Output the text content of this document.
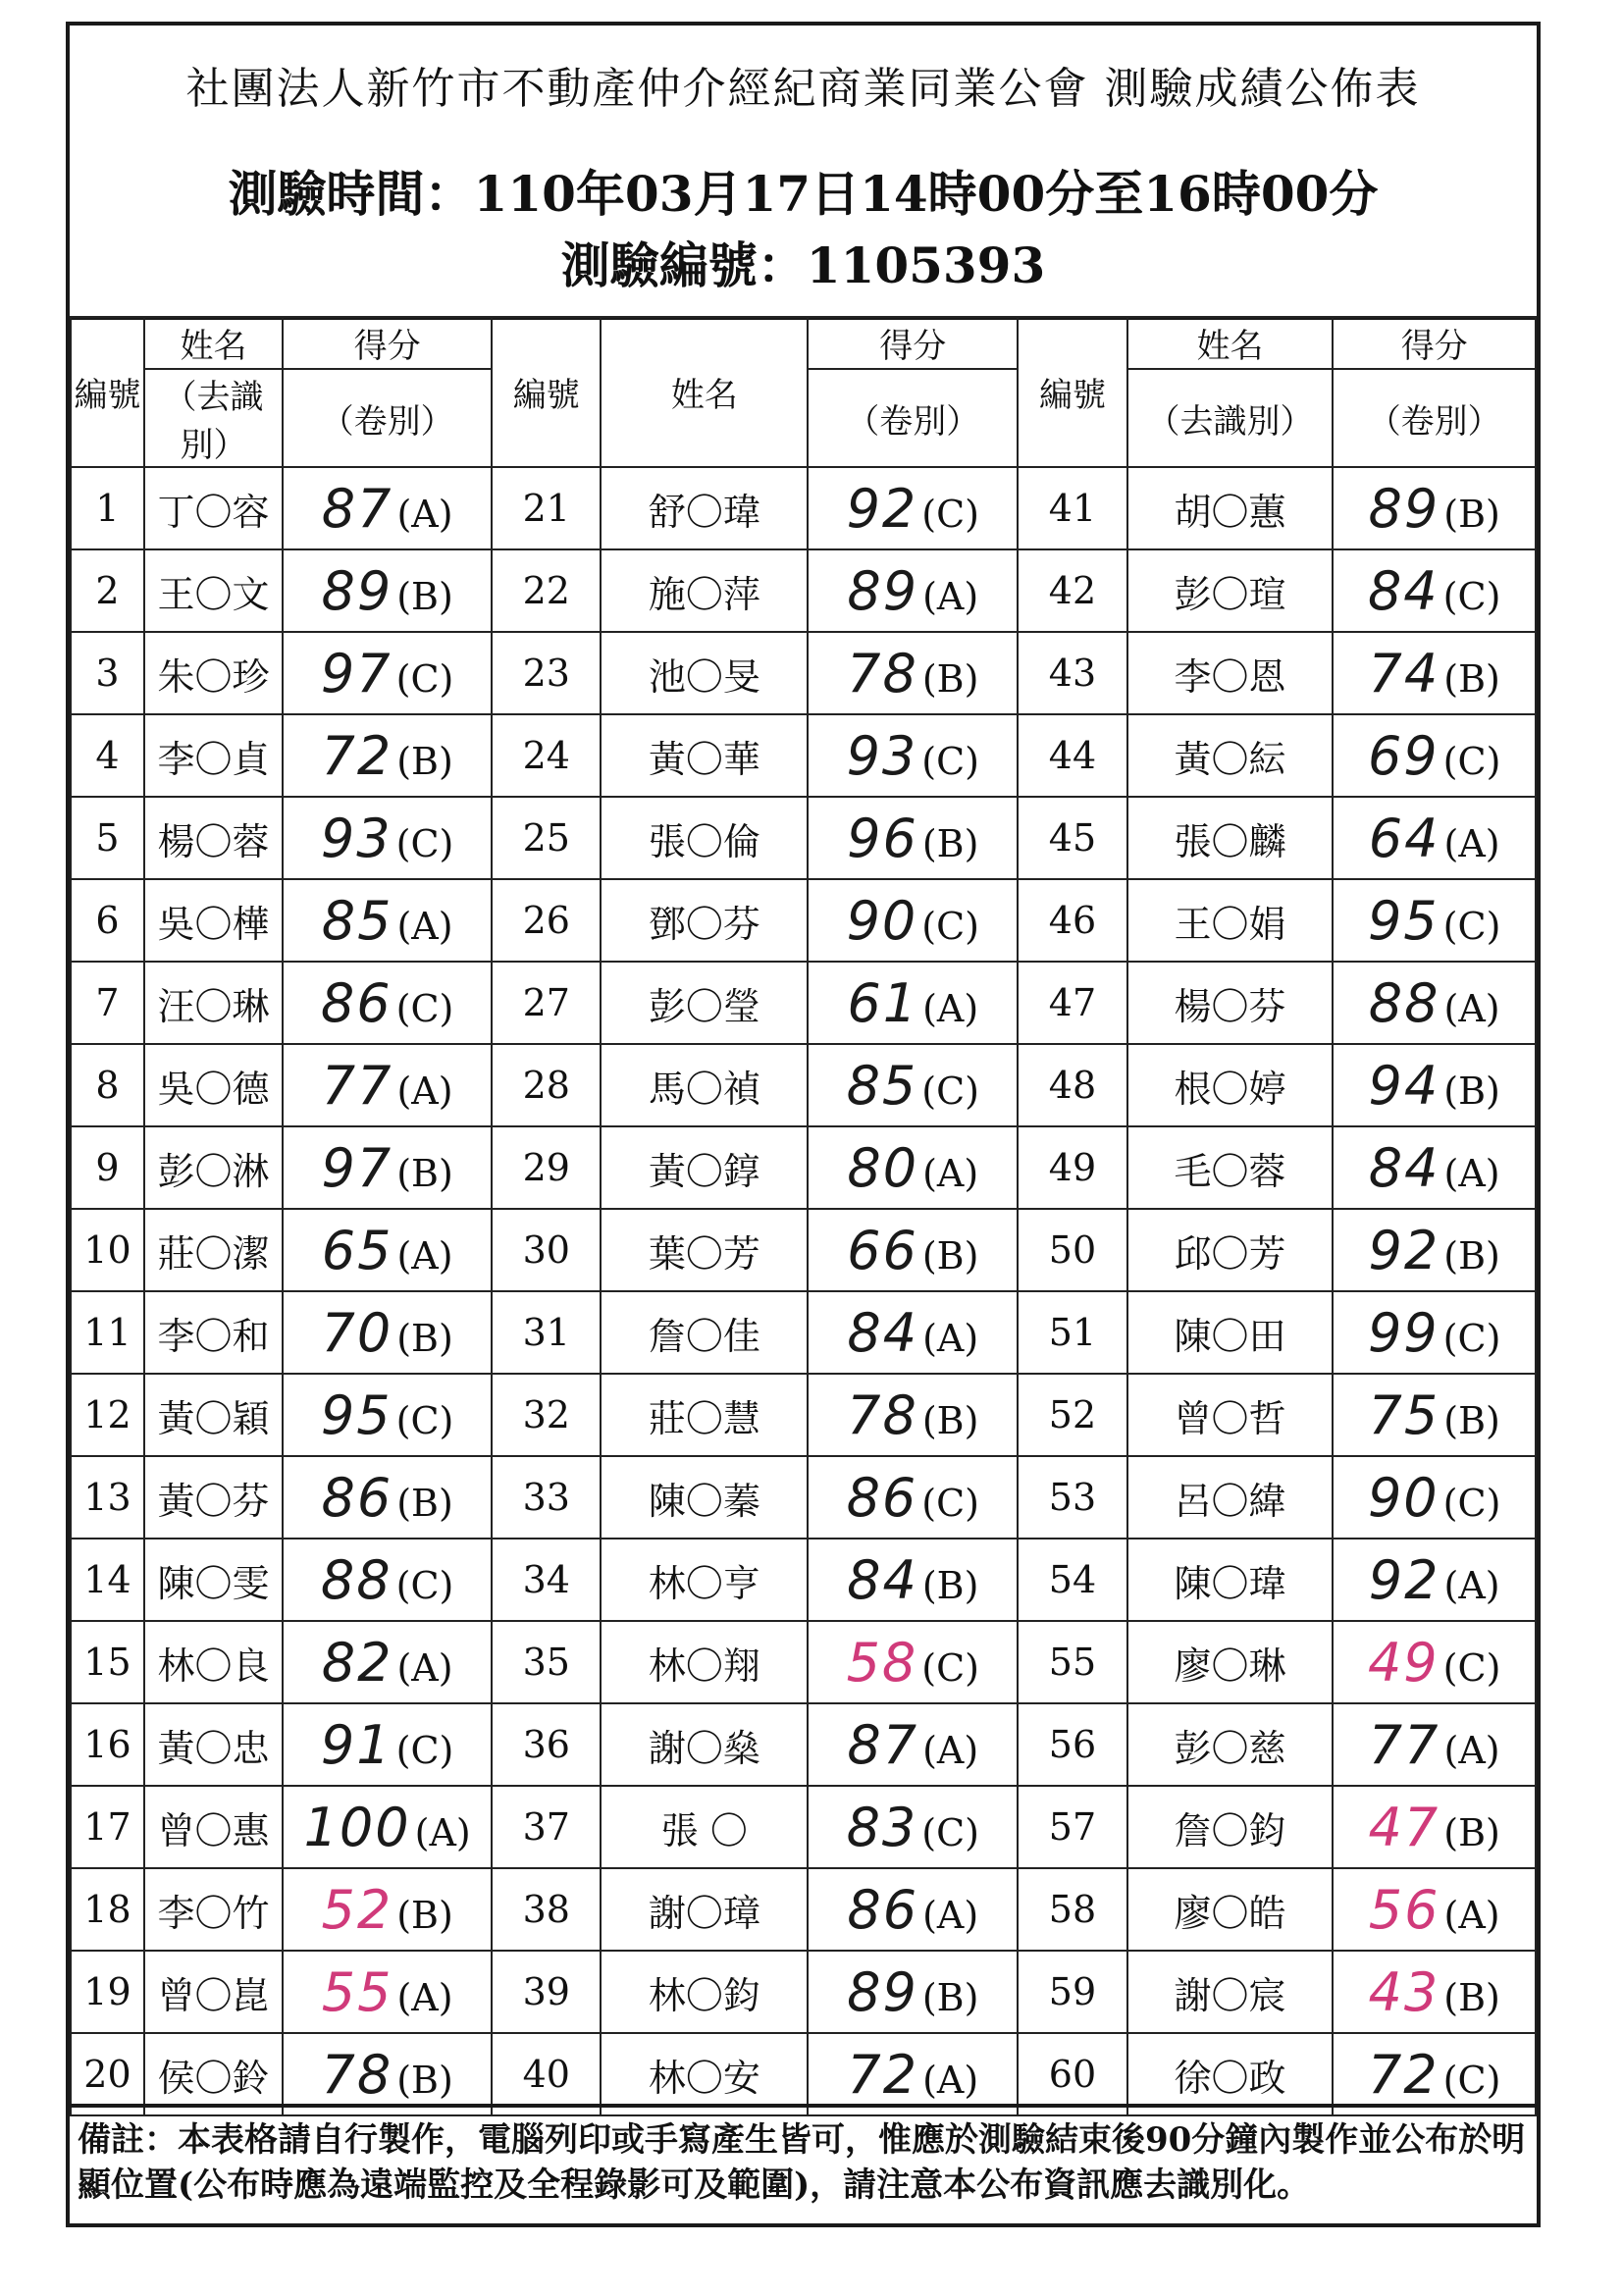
社團法人新竹市不動產仲介經紀商業同業公會 測驗成績公佈表
測驗時間：110年03月17日14時00分至16時00分
測驗編號：1105393
編號	姓名	得分	編號	姓名	得分	編號	姓名	得分
	（去識別）	（卷別）			（卷別）		（去識別）	（卷別）
1	丁〇容	87 (A)	21	舒〇瑋	92 (C)	41	胡〇蕙	89 (B)
2	王〇文	89 (B)	22	施〇萍	89 (A)	42	彭〇瑄	84 (C)
3	朱〇珍	97 (C)	23	池〇旻	78 (B)	43	李〇恩	74 (B)
4	李〇貞	72 (B)	24	黃〇華	93 (C)	44	黃〇紜	69 (C)
5	楊〇蓉	93 (C)	25	張〇倫	96 (B)	45	張〇麟	64 (A)
6	吳〇樺	85 (A)	26	鄧〇芬	90 (C)	46	王〇娟	95 (C)
7	汪〇琳	86 (C)	27	彭〇瑩	61 (A)	47	楊〇芬	88 (A)
8	吳〇德	77 (A)	28	馬〇禎	85 (C)	48	根〇婷	94 (B)
9	彭〇淋	97 (B)	29	黃〇錞	80 (A)	49	毛〇蓉	84 (A)
10	莊〇潔	65 (A)	30	葉〇芳	66 (B)	50	邱〇芳	92 (B)
11	李〇和	70 (B)	31	詹〇佳	84 (A)	51	陳〇田	99 (C)
12	黃〇穎	95 (C)	32	莊〇慧	78 (B)	52	曾〇哲	75 (B)
13	黃〇芬	86 (B)	33	陳〇蓁	86 (C)	53	呂〇緯	90 (C)
14	陳〇雯	88 (C)	34	林〇亨	84 (B)	54	陳〇瑋	92 (A)
15	林〇良	82 (A)	35	林〇翔	58 (C)	55	廖〇琳	49 (C)
16	黃〇忠	91 (C)	36	謝〇燊	87 (A)	56	彭〇慈	77 (A)
17	曾〇惠	100 (A)	37	張 〇	83 (C)	57	詹〇鈞	47 (B)
18	李〇竹	52 (B)	38	謝〇璋	86 (A)	58	廖〇皓	56 (A)
19	曾〇崑	55 (A)	39	林〇鈞	89 (B)	59	謝〇宸	43 (B)
20	侯〇鈴	78 (B)	40	林〇安	72 (A)	60	徐〇政	72 (C)
備註：本表格請自行製作，電腦列印或手寫產生皆可，惟應於測驗結束後90分鐘內製作並公布於明顯位置(公布時應為遠端監控及全程錄影可及範圍)，請注意本公布資訊應去識別化。
